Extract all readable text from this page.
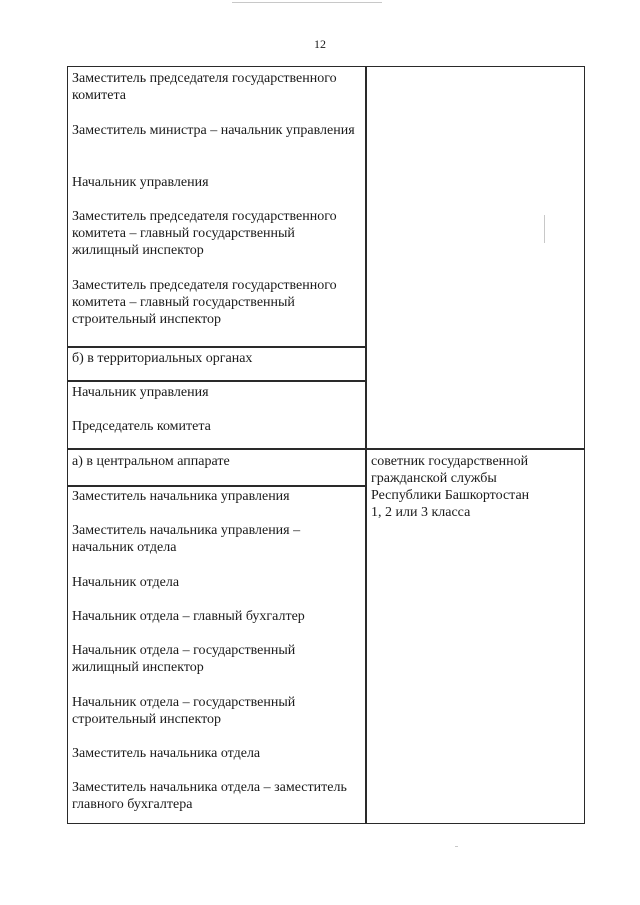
12

Заместитель председателя государственного комитета

Заместитель министра – начальник управления

Начальник управления

Заместитель председателя государственного комитета – главный государственный жилищный инспектор

Заместитель председателя государственного комитета – главный государственный строительный инспектор

б) в территориальных органах

Начальник управления

Председатель комитета

а) в центральном аппарате	советник государственной
гражданской службы
Республики Башкортостан
1, 2 или 3 класса

Заместитель начальника управления

Заместитель начальника управления – начальник отдела

Начальник отдела

Начальник отдела – главный бухгалтер

Начальник отдела – государственный жилищный инспектор

Начальник отдела – государственный строительный инспектор

Заместитель начальника отдела

Заместитель начальника отдела – заместитель главного бухгалтера
